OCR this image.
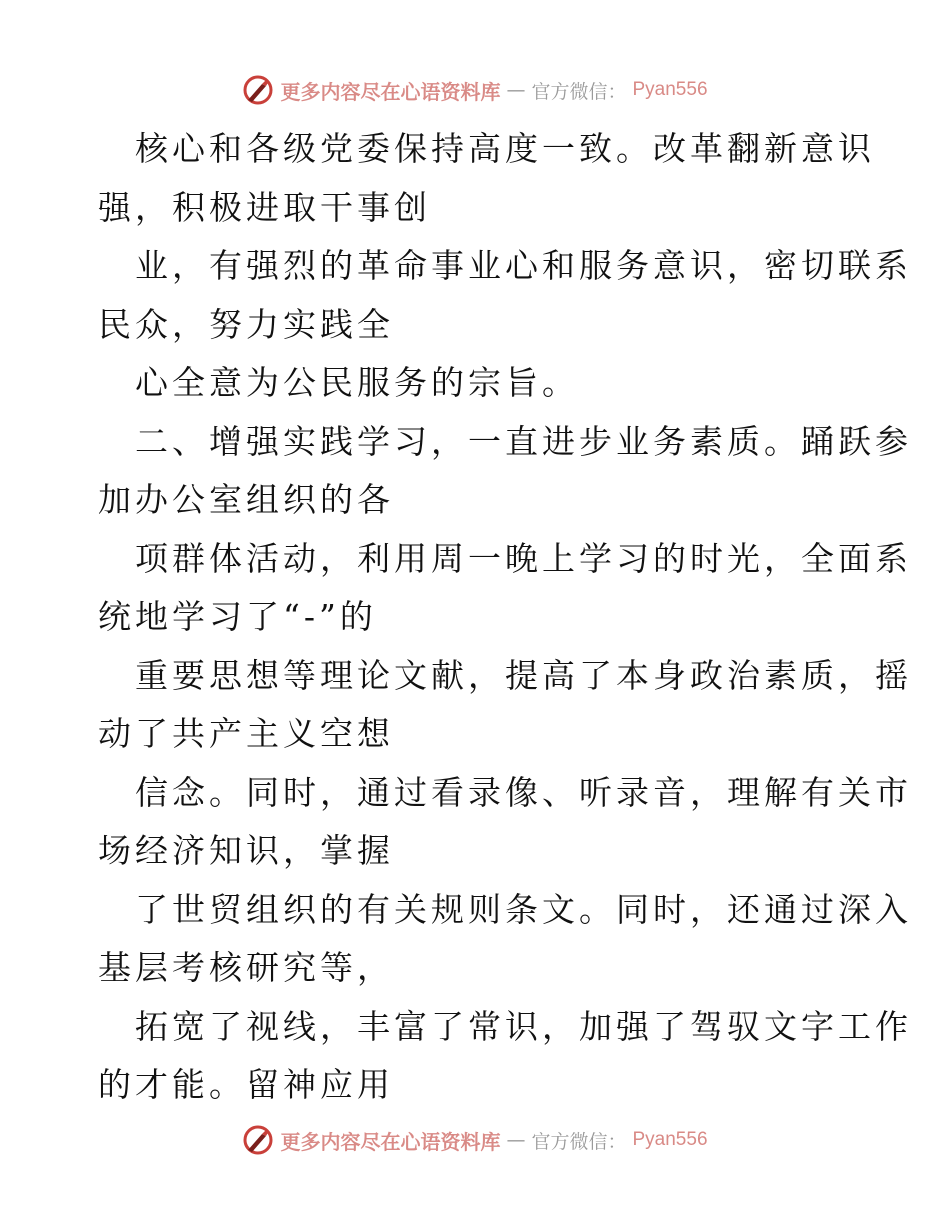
更多内容尽在心语资料库 — 官方微信： Pyan556
核心和各级党委保持高度一致。改革翻新意识
强，积极进取干事创
业，有强烈的革命事业心和服务意识，密切联系
民众，努力实践全
心全意为公民服务的宗旨。
二、增强实践学习，一直进步业务素质。踊跃参
加办公室组织的各
项群体活动，利用周一晚上学习的时光，全面系
统地学习了“-”的
重要思想等理论文献，提高了本身政治素质，摇
动了共产主义空想
信念。同时，通过看录像、听录音，理解有关市
场经济知识，掌握
了世贸组织的有关规则条文。同时，还通过深入
基层考核研究等，
拓宽了视线，丰富了常识，加强了驾驭文字工作
的才能。留神应用
更多内容尽在心语资料库 — 官方微信： Pyan556
